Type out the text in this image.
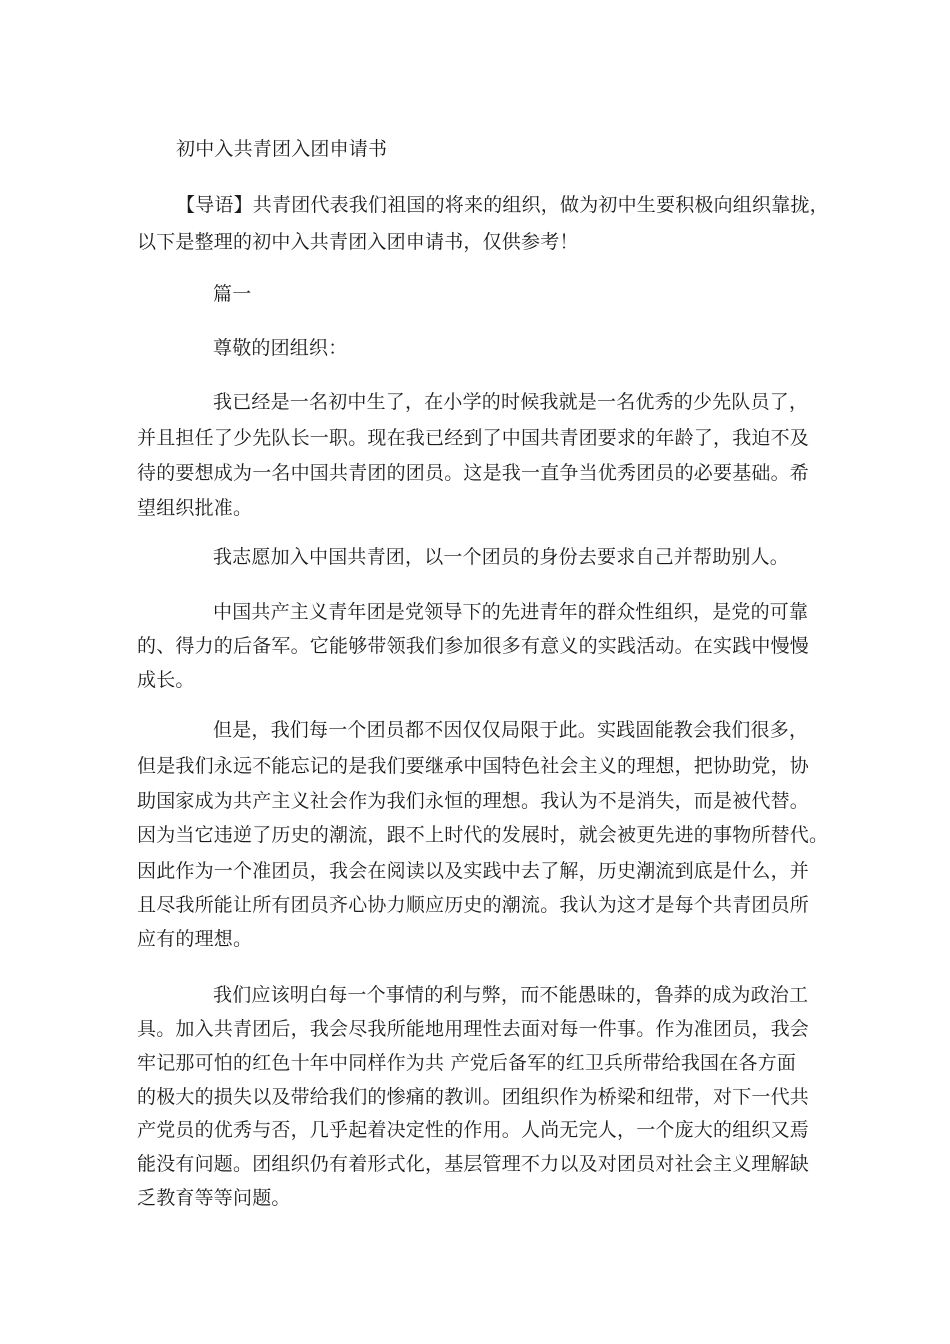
初中入共青团入团申请书
【导语】共青团代表我们祖国的将来的组织，做为初中生要积极向组织靠拢，
以下是整理的初中入共青团入团申请书，仅供参考！
篇一
尊敬的团组织：
我已经是一名初中生了，在小学的时候我就是一名优秀的少先队员了，
并且担任了少先队长一职。现在我已经到了中国共青团要求的年龄了，我迫不及
待的要想成为一名中国共青团的团员。这是我一直争当优秀团员的必要基础。希
望组织批准。
我志愿加入中国共青团，以一个团员的身份去要求自己并帮助别人。
中国共产主义青年团是党领导下的先进青年的群众性组织，是党的可靠
的、得力的后备军。它能够带领我们参加很多有意义的实践活动。在实践中慢慢
成长。
但是，我们每一个团员都不因仅仅局限于此。实践固能教会我们很多，
但是我们永远不能忘记的是我们要继承中国特色社会主义的理想，把协助党，协
助国家成为共产主义社会作为我们永恒的理想。我认为不是消失，而是被代替。
因为当它违逆了历史的潮流，跟不上时代的发展时，就会被更先进的事物所替代。
因此作为一个准团员，我会在阅读以及实践中去了解，历史潮流到底是什么，并
且尽我所能让所有团员齐心协力顺应历史的潮流。我认为这才是每个共青团员所
应有的理想。
我们应该明白每一个事情的利与弊，而不能愚昧的，鲁莽的成为政治工
具。加入共青团后，我会尽我所能地用理性去面对每一件事。作为准团员，我会
牢记那可怕的红色十年中同样作为共 产党后备军的红卫兵所带给我国在各方面
的极大的损失以及带给我们的惨痛的教训。团组织作为桥梁和纽带，对下一代共
产党员的优秀与否，几乎起着决定性的作用。人尚无完人，一个庞大的组织又焉
能没有问题。团组织仍有着形式化，基层管理不力以及对团员对社会主义理解缺
乏教育等等问题。
